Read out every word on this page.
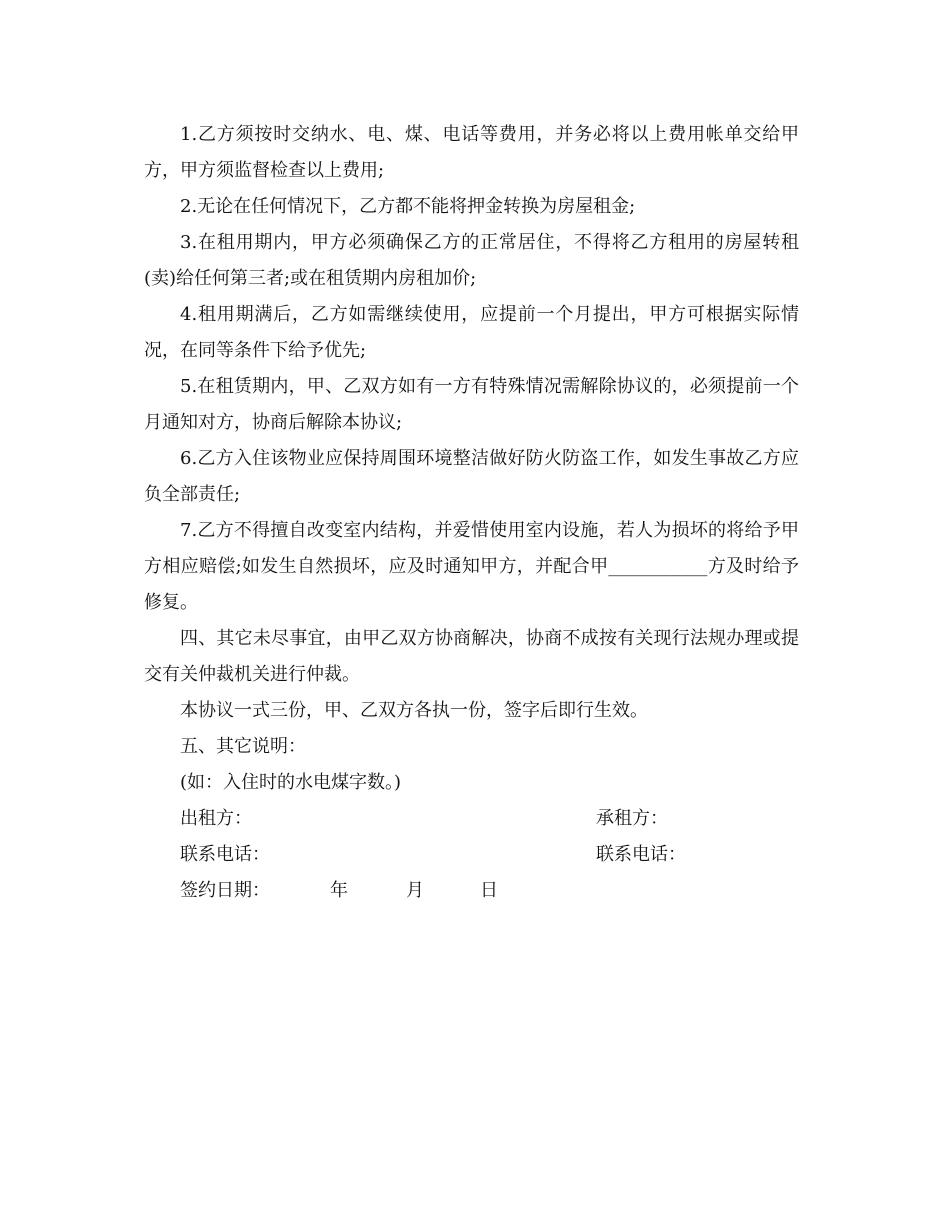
1.乙方须按时交纳水、电、煤、电话等费用，并务必将以上费用帐单交给甲方，甲方须监督检查以上费用;

2.无论在任何情况下，乙方都不能将押金转换为房屋租金;

3.在租用期内，甲方必须确保乙方的正常居住，不得将乙方租用的房屋转租(卖)给任何第三者;或在租赁期内房租加价;

4.租用期满后，乙方如需继续使用，应提前一个月提出，甲方可根据实际情况，在同等条件下给予优先;

5.在租赁期内，甲、乙双方如有一方有特殊情况需解除协议的，必须提前一个月通知对方，协商后解除本协议;

6.乙方入住该物业应保持周围环境整洁做好防火防盗工作，如发生事故乙方应负全部责任;

7.乙方不得擅自改变室内结构，并爱惜使用室内设施，若人为损坏的将给予甲方相应赔偿;如发生自然损坏，应及时通知甲方，并配合甲___________方及时给予修复。

四、其它未尽事宜，由甲乙双方协商解决，协商不成按有关现行法规办理或提交有关仲裁机关进行仲裁。

本协议一式三份，甲、乙双方各执一份，签字后即行生效。

五、其它说明：

(如：入住时的水电煤字数。)

出租方：	承租方：
联系电话：	联系电话：
签约日期：	年	月	日
